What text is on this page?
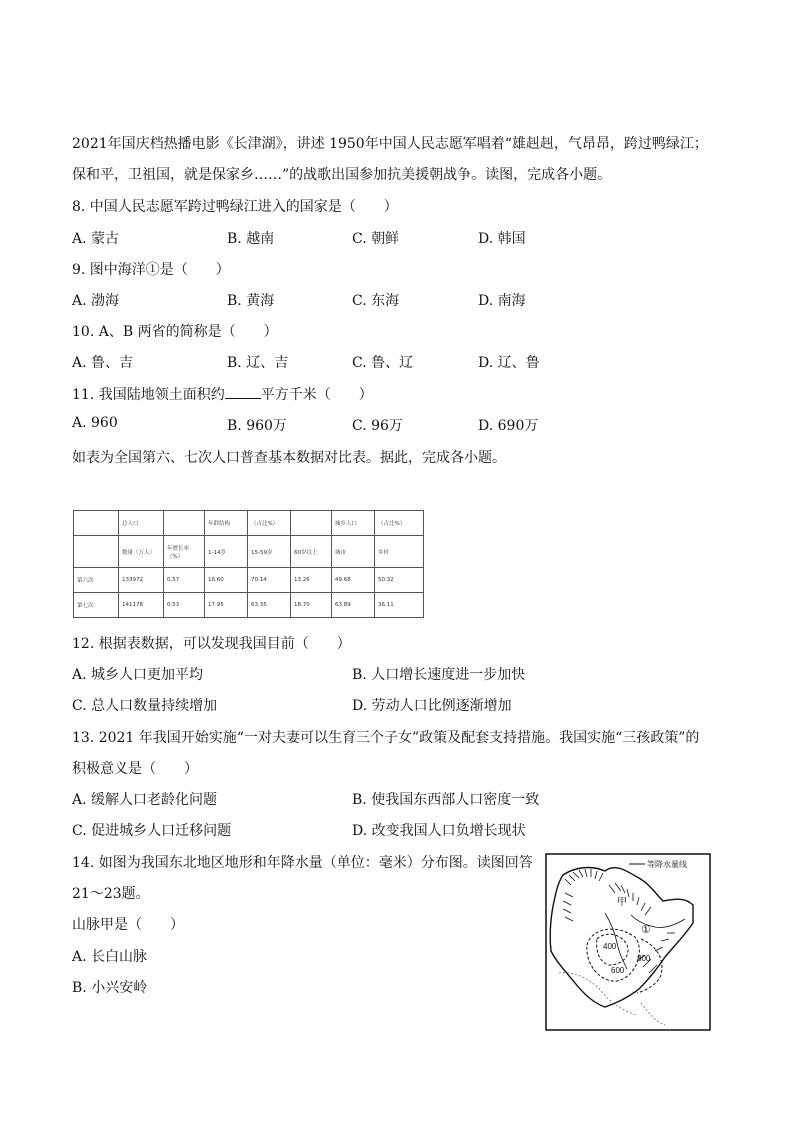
2021年国庆档热播电影《长津湖》，讲述 1950年中国人民志愿军唱着“雄赳赳，气昂昂，跨过鸭绿江；
保和平，卫祖国，就是保家乡……”的战歌出国参加抗美援朝战争。读图，完成各小题。
8. 中国人民志愿军跨过鸭绿江进入的国家是（　　）
A. 蒙古	B. 越南	C. 朝鲜	D. 韩国
9. 图中海洋①是（　　）
A. 渤海	B. 黄海	C. 东海	D. 南海
10. A、B 两省的简称是（　　）
A. 鲁、吉	B. 辽、吉	C. 鲁、辽	D. 辽、鲁
11. 我国陆地领土面积约	平方千米（　　）
A. 960	B. 960万	C. 96万	D. 690万
如表为全国第六、七次人口普查基本数据对比表。据此，完成各小题。
	总人口		年龄结构	（占比%）		城乡人口	（占比%）
	数量（万人）	年增长率（%）	1-14岁	15-59岁	60岁以上	城市	乡村
第六次	133972	0.57	16.60	70.14	13.26	49.68	50.32
第七次	141178	0.53	17.95	63.35	18.70	63.89	36.11
12. 根据表数据，可以发现我国目前（　　）
A. 城乡人口更加平均	B. 人口增长速度进一步加快
C. 总人口数量持续增加	D. 劳动人口比例逐渐增加
13. 2021 年我国开始实施“一对夫妻可以生育三个子女”政策及配套支持措施。我国实施“三孩政策”的
积极意义是（　　）
A. 缓解人口老龄化问题	B. 使我国东西部人口密度一致
C. 促进城乡人口迁移问题	D. 改变我国人口负增长现状
14. 如图为我国东北地区地形和年降水量（单位：毫米）分布图。读图回答
21～23题。
山脉甲是（　　）
A. 长白山脉
B. 小兴安岭
等降水量线
甲
①
400
600
800
